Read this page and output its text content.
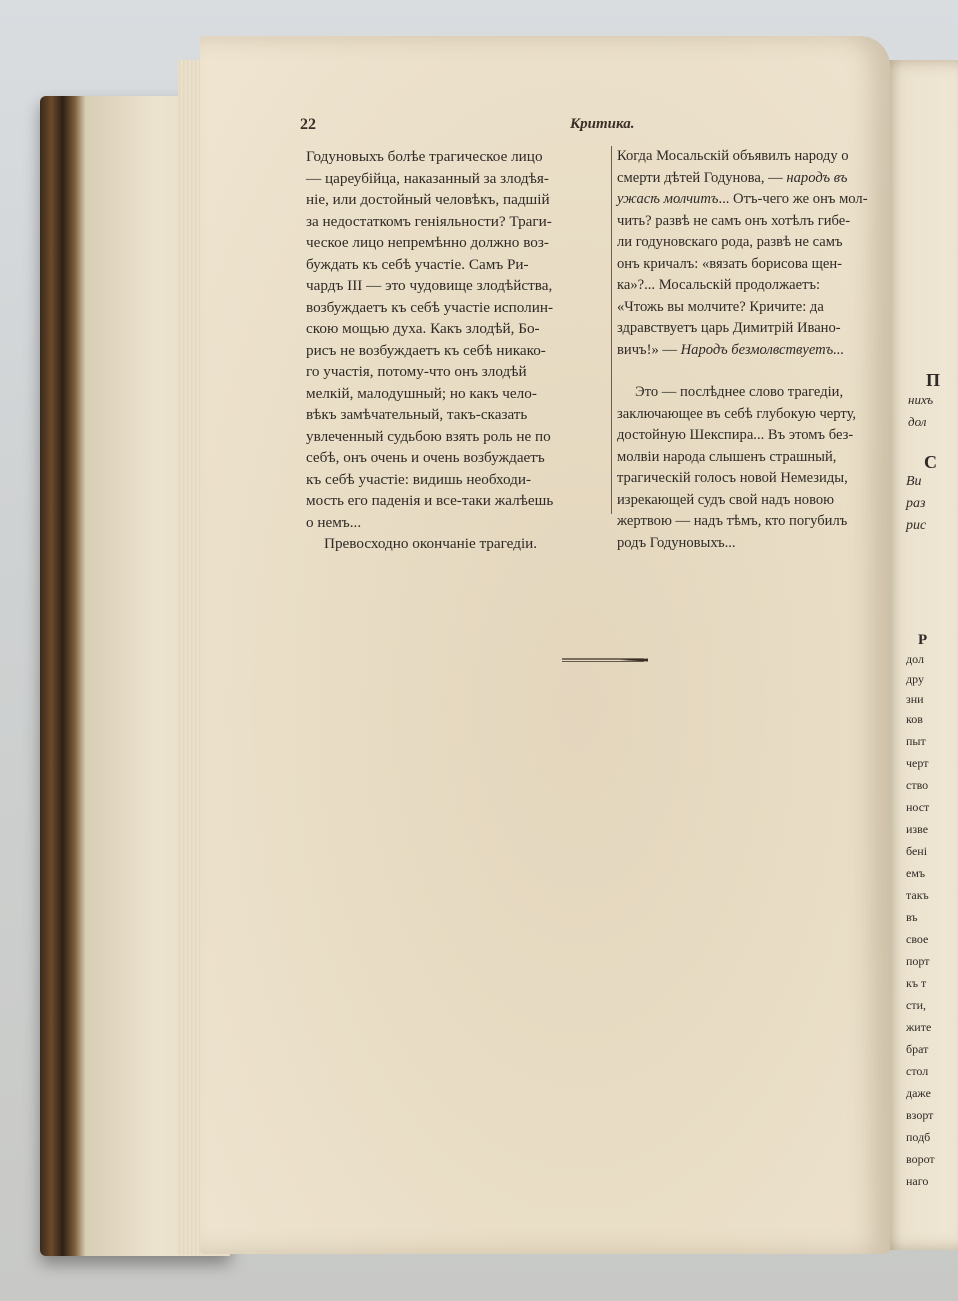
22	Критика.

Годуновыхъ болѣе трагическое лицо
— цареубійца, наказанный за злодѣя-
ніе, или достойный человѣкъ, падшій
за недостаткомъ геніяльности? Траги-
ческое лицо непремѣнно должно воз-
буждать къ себѣ участіе. Самъ Ри-
чардъ III — это чудовище злодѣйства,
возбуждаетъ къ себѣ участіе исполин-
скою мощью духа. Какъ злодѣй, Бо-
рисъ не возбуждаетъ къ себѣ никако-
го участія, потому-что онъ злодѣй
мелкій, малодушный; но какъ чело-
вѣкъ замѣчательный, такъ-сказать
увлеченный судьбою взять роль не по
себѣ, онъ очень и очень возбуждаетъ
къ себѣ участіе: видишь необходи-
мость его паденія и все-таки жалѣешь
о немъ...

Превосходно окончаніе трагедіи.

Когда Мосальскій объявилъ народу о
смерти дѣтей Годунова, — народъ въ
ужасѣ молчитъ... Отъ-чего же онъ мол-
чить? развѣ не самъ онъ хотѣлъ гибе-
ли годуновскаго рода, развѣ не самъ
онъ кричалъ: «вязать борисова щен-
ка»?... Мосальскій продолжаетъ:
«Чтожь вы молчите? Кричите: да
здравствуетъ царь Димитрій Ивано-
вичъ!» — Народъ безмолвствуетъ...

Это — послѣднее слово трагедіи,
заключающее въ себѣ глубокую черту,
достойную Шекспира... Въ этомъ без-
молвіи народа слышенъ страшный,
трагическій голосъ новой Немезиды,
изрекающей судъ свой надъ новою
жертвою — надъ тѣмъ, кто погубилъ
родъ Годуновыхъ...

П
нихъ
дол
С
Ви
раз
рис
Р
дол
дру
зни
ков
пыт
черт
ство
ност
изве
бені
емъ
такъ
въ
свое
порт
къ т
сти,
жите
брат
стол
даже
взорт
подб
ворот
наго
